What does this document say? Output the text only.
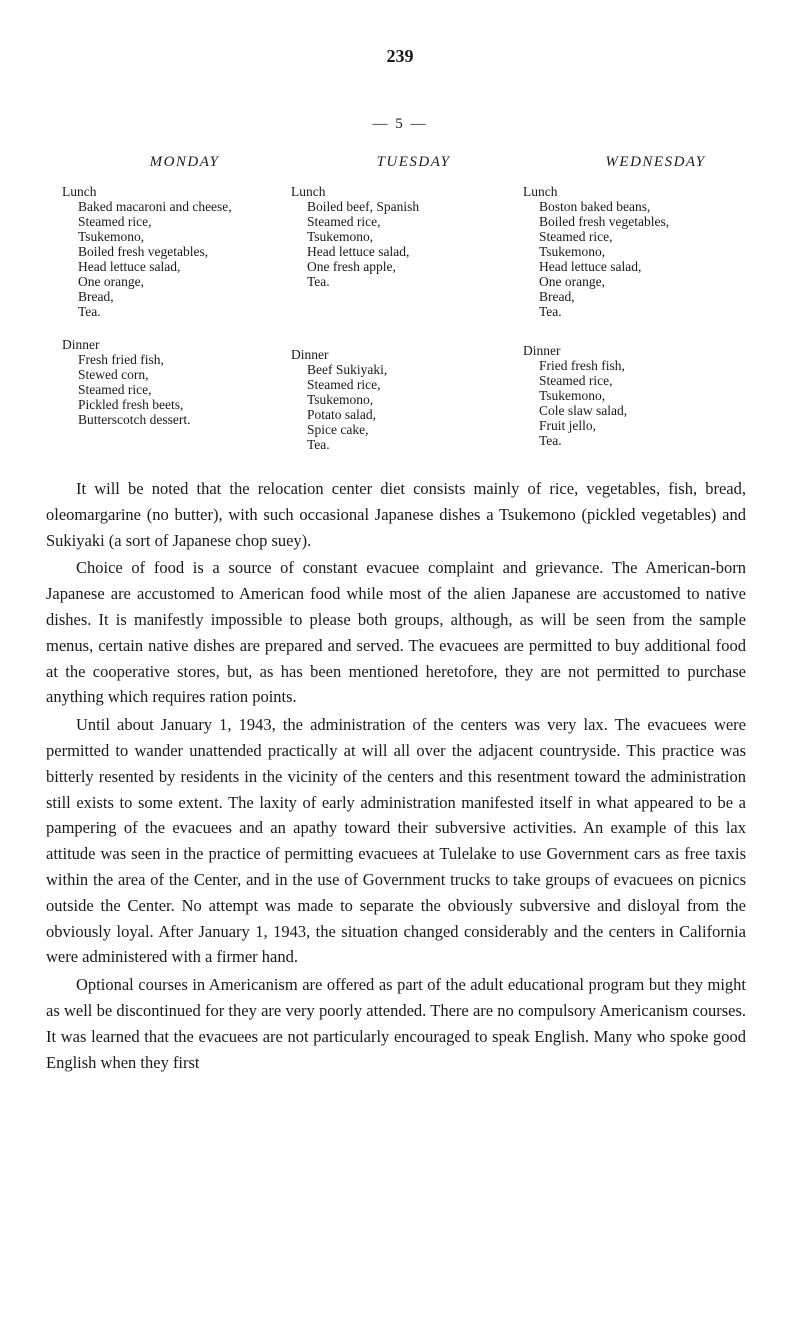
239
— 5 —
MONDAY
Lunch
Baked macaroni and cheese,
Steamed rice,
Tsukemono,
Boiled fresh vegetables,
Head lettuce salad,
One orange,
Bread,
Tea.
Dinner
Fresh fried fish,
Stewed corn,
Steamed rice,
Pickled fresh beets,
Butterscotch dessert.
TUESDAY
Lunch
Boiled beef, Spanish
Steamed rice,
Tsukemono,
Head lettuce salad,
One fresh apple,
Tea.
Dinner
Beef Sukiyaki,
Steamed rice,
Tsukemono,
Potato salad,
Spice cake,
Tea.
WEDNESDAY
Lunch
Boston baked beans,
Boiled fresh vegetables,
Steamed rice,
Tsukemono,
Head lettuce salad,
One orange,
Bread,
Tea.
Dinner
Fried fresh fish,
Steamed rice,
Tsukemono,
Cole slaw salad,
Fruit jello,
Tea.

It will be noted that the relocation center diet consists mainly of rice, vegetables, fish, bread, oleomargarine (no butter), with such occasional Japanese dishes a Tsukemono (pickled vegetables) and Sukiyaki (a sort of Japanese chop suey).

Choice of food is a source of constant evacuee complaint and grievance. The American-born Japanese are accustomed to American food while most of the alien Japanese are accustomed to native dishes. It is manifestly impossible to please both groups, although, as will be seen from the sample menus, certain native dishes are prepared and served. The evacuees are permitted to buy additional food at the cooperative stores, but, as has been mentioned heretofore, they are not permitted to purchase anything which requires ration points.

Until about January 1, 1943, the administration of the centers was very lax. The evacuees were permitted to wander unattended practically at will all over the adjacent countryside. This practice was bitterly resented by residents in the vicinity of the centers and this resentment toward the administration still exists to some extent. The laxity of early administration manifested itself in what appeared to be a pampering of the evacuees and an apathy toward their subversive activities. An example of this lax attitude was seen in the practice of permitting evacuees at Tulelake to use Government cars as free taxis within the area of the Center, and in the use of Government trucks to take groups of evacuees on picnics outside the Center. No attempt was made to separate the obviously subversive and disloyal from the obviously loyal. After January 1, 1943, the situation changed considerably and the centers in California were administered with a firmer hand.

Optional courses in Americanism are offered as part of the adult educational program but they might as well be discontinued for they are very poorly attended. There are no compulsory Americanism courses. It was learned that the evacuees are not particularly encouraged to speak English. Many who spoke good English when they first
